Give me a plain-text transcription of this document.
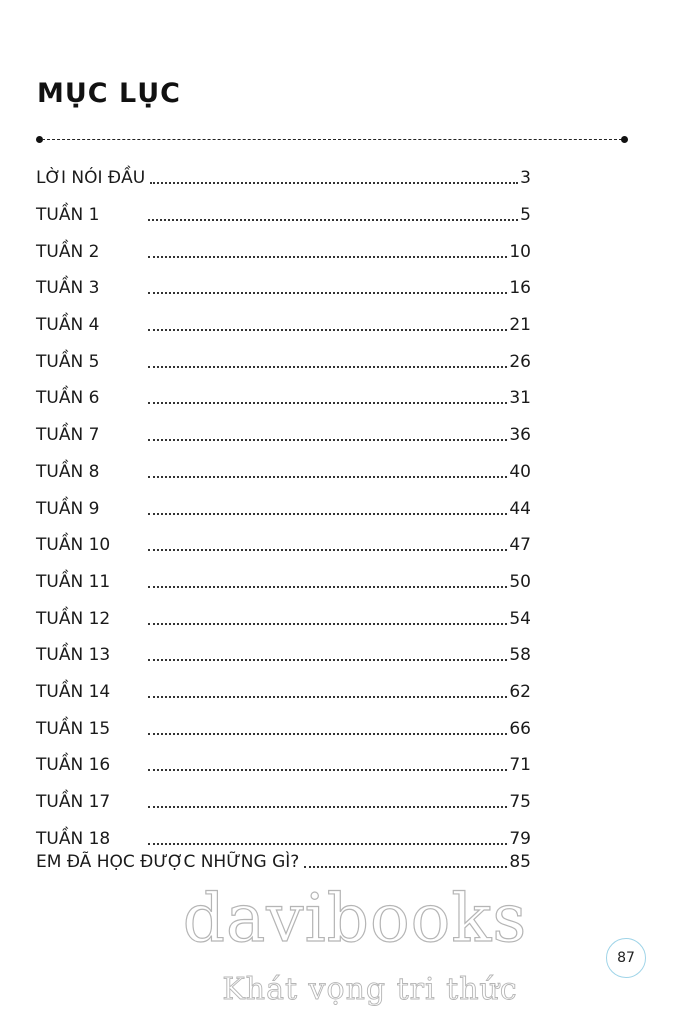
MỤC LỤC
LỜI NÓI ĐẦU	3
TUẦN 1	5
TUẦN 2	10
TUẦN 3	16
TUẦN 4	21
TUẦN 5	26
TUẦN 6	31
TUẦN 7	36
TUẦN 8	40
TUẦN 9	44
TUẦN 10	47
TUẦN 11	50
TUẦN 12	54
TUẦN 13	58
TUẦN 14	62
TUẦN 15	66
TUẦN 16	71
TUẦN 17	75
TUẦN 18	79
EM ĐÃ HỌC ĐƯỢC NHỮNG GÌ?	85
davibooks
Khát vọng tri thức
87
